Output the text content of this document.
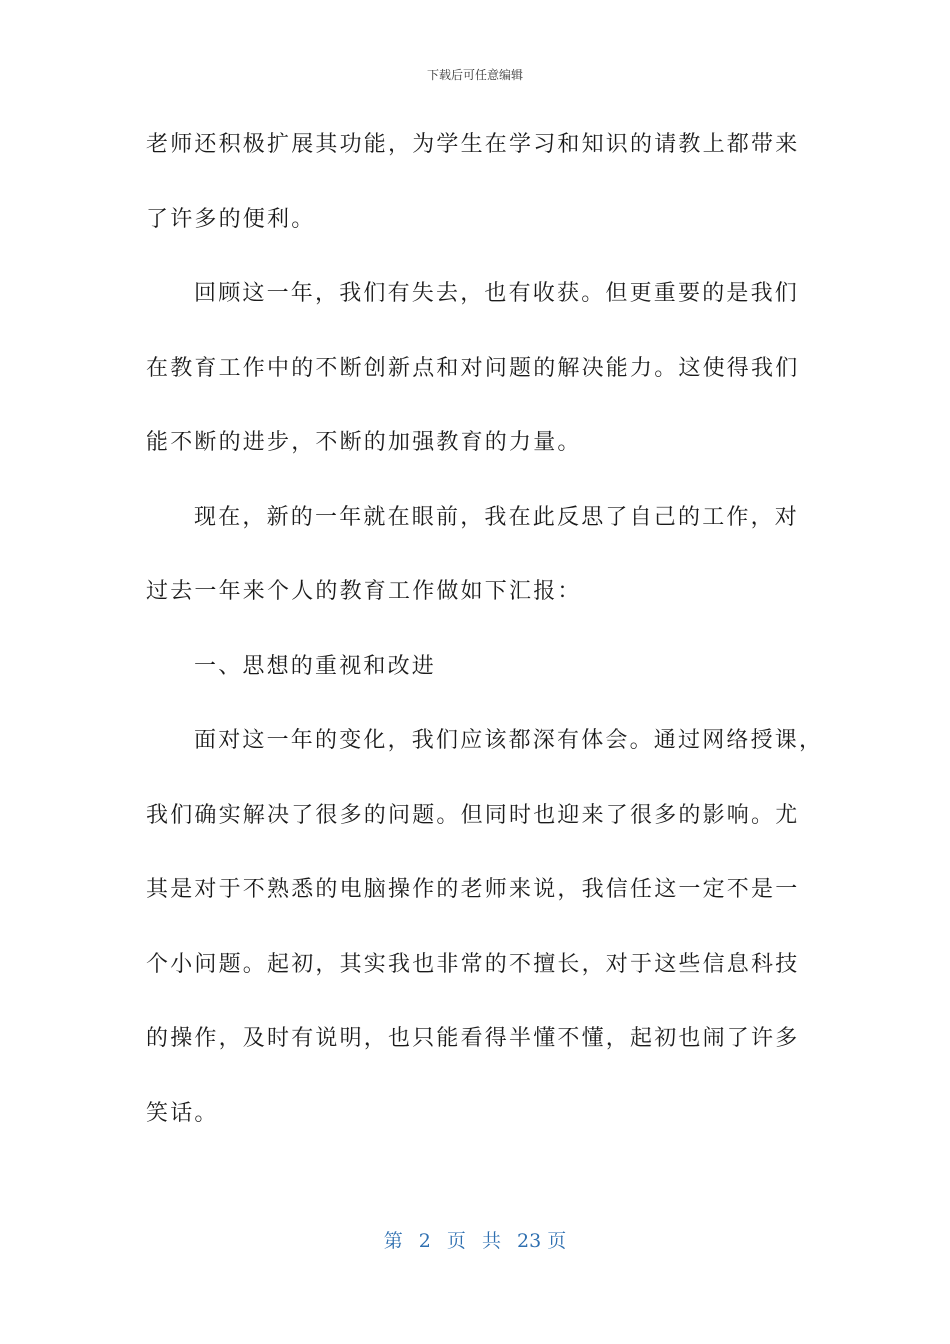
下载后可任意编辑
老师还积极扩展其功能，为学生在学习和知识的请教上都带来
了许多的便利。
回顾这一年，我们有失去，也有收获。但更重要的是我们
在教育工作中的不断创新点和对问题的解决能力。这使得我们
能不断的进步，不断的加强教育的力量。
现在，新的一年就在眼前，我在此反思了自己的工作，对
过去一年来个人的教育工作做如下汇报：
一、思想的重视和改进
面对这一年的变化，我们应该都深有体会。通过网络授课，
我们确实解决了很多的问题。但同时也迎来了很多的影响。尤
其是对于不熟悉的电脑操作的老师来说，我信任这一定不是一
个小问题。起初，其实我也非常的不擅长，对于这些信息科技
的操作，及时有说明，也只能看得半懂不懂，起初也闹了许多
笑话。
第 2 页 共 23 页
